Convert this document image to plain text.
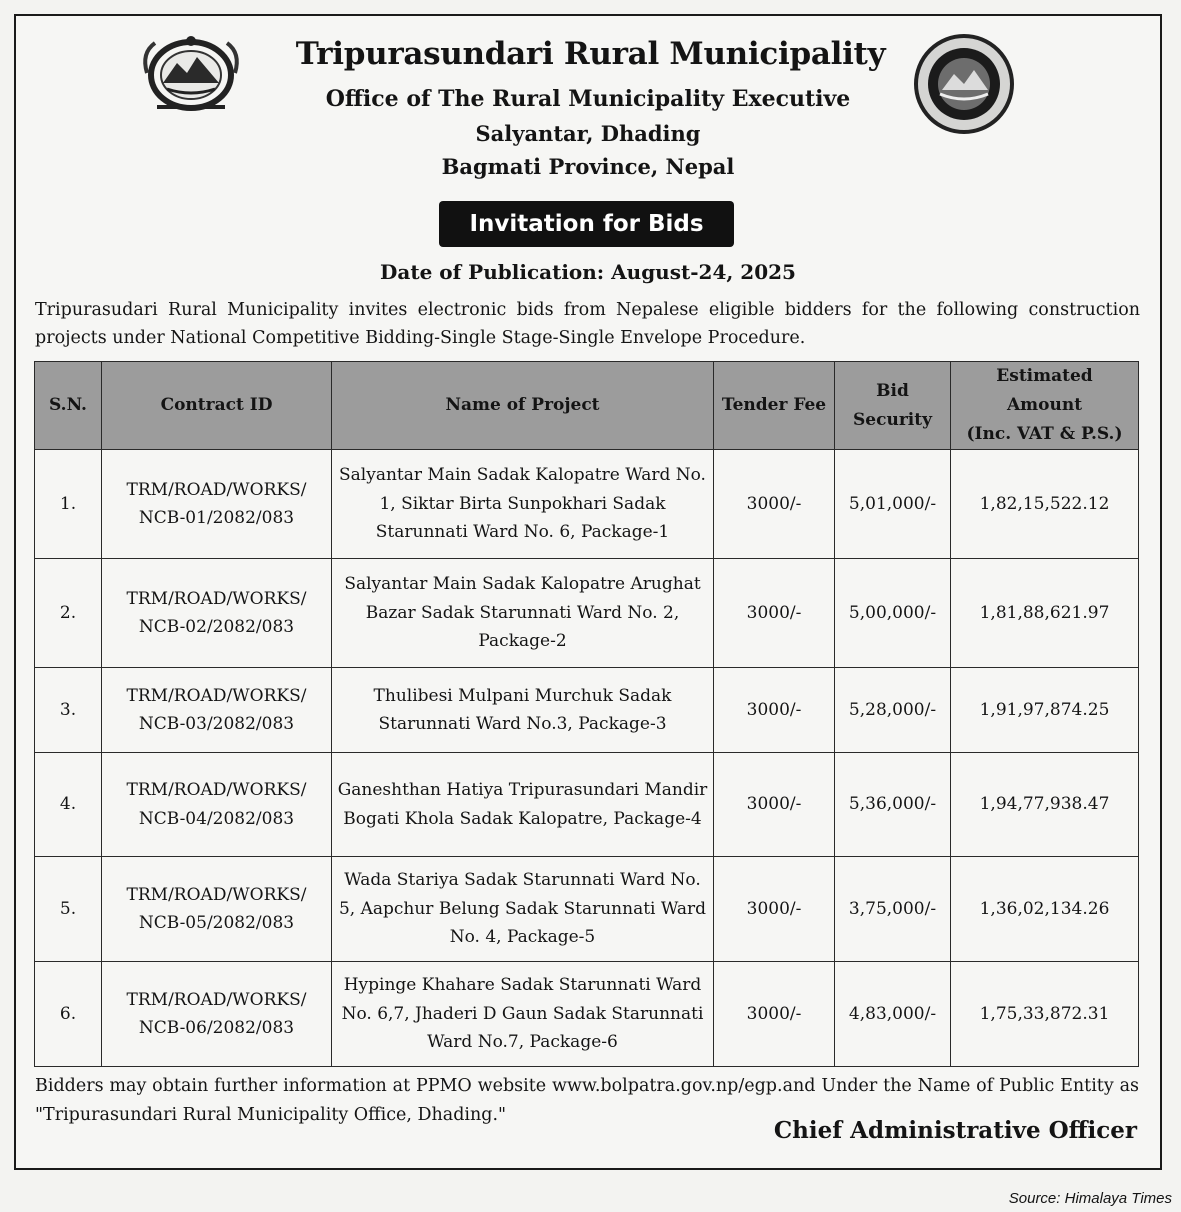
Tripurasundari Rural Municipality
Office of The Rural Municipality Executive
Salyantar, Dhading
Bagmati Province, Nepal
Invitation for Bids
Date of Publication: August-24, 2025
Tripurasudari Rural Municipality invites electronic bids from Nepalese eligible bidders for the following construction projects under National Competitive Bidding-Single Stage-Single Envelope Procedure.
S.N.	Contract ID	Name of Project	Tender Fee	Bid
Security	Estimated Amount
(Inc. VAT & P.S.)
1.	TRM/ROAD/WORKS/
NCB-01/2082/083	Salyantar Main Sadak Kalopatre Ward No. 1, Siktar Birta Sunpokhari Sadak Starunnati Ward No. 6, Package-1	3000/-	5,01,000/-	1,82,15,522.12
2.	TRM/ROAD/WORKS/
NCB-02/2082/083	Salyantar Main Sadak Kalopatre Arughat Bazar Sadak Starunnati Ward No. 2, Package-2	3000/-	5,00,000/-	1,81,88,621.97
3.	TRM/ROAD/WORKS/
NCB-03/2082/083	Thulibesi Mulpani Murchuk Sadak Starunnati Ward No.3, Package-3	3000/-	5,28,000/-	1,91,97,874.25
4.	TRM/ROAD/WORKS/
NCB-04/2082/083	Ganeshthan Hatiya Tripurasundari Mandir Bogati Khola Sadak Kalopatre, Package-4	3000/-	5,36,000/-	1,94,77,938.47
5.	TRM/ROAD/WORKS/
NCB-05/2082/083	Wada Stariya Sadak Starunnati Ward No. 5, Aapchur Belung Sadak Starunnati Ward No. 4, Package-5	3000/-	3,75,000/-	1,36,02,134.26
6.	TRM/ROAD/WORKS/
NCB-06/2082/083	Hypinge Khahare Sadak Starunnati Ward No. 6,7, Jhaderi D Gaun Sadak Starunnati Ward No.7, Package-6	3000/-	4,83,000/-	1,75,33,872.31
Bidders may obtain further information at PPMO website www.bolpatra.gov.np/egp.and Under the Name of Public Entity as "Tripurasundari Rural Municipality Office, Dhading."
Chief Administrative Officer
Source: Himalaya Times
